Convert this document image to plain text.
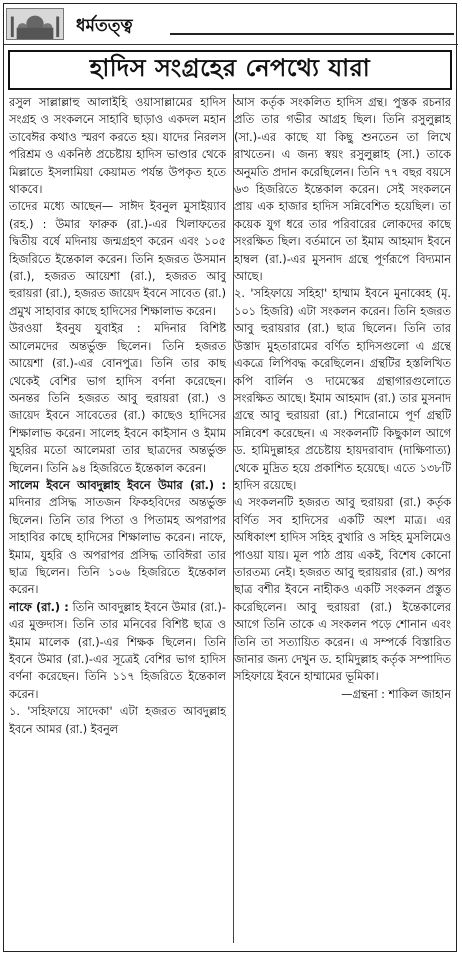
ধর্মতত্ত্ব
হাদিস সংগ্রহের নেপথ্যে যারা

রসুল সাল্লাল্লাহু আলাইহি ওয়াসাল্লামের হাদিস সংগ্রহ ও সংকলনে সাহাবি ছাড়াও একদল মহান তাবেঈর কথাও স্মরণ করতে হয়। যাদের নিরলস পরিশ্রম ও একনিষ্ঠ প্রচেষ্টায় হাদিস ভাণ্ডার থেকে মিল্লাতে ইসলামিয়া কেয়ামত পর্যন্ত উপকৃত হতে থাকবে।

তাদের মধ্যে আছেন— সাঈদ ইবনুল মুসাইয়্যাব (রহ.) : উমার ফারুক (রা.)-এর খিলাফতের দ্বিতীয় বর্ষে মদিনায় জন্মগ্রহণ করেন এবং ১০৫ হিজরিতে ইন্তেকাল করেন। তিনি হজরত উসমান (রা.), হজরত আয়েশা (রা.), হজরত আবু হুরায়রা (রা.), হজরত জায়েদ ইবনে সাবেত (রা.) প্রমুখ সাহাবার কাছে হাদিসের শিক্ষালাভ করেন।

উরওয়া ইবনুয যুবাইর : মদিনার বিশিষ্ট আলেমদের অন্তর্ভুক্ত ছিলেন। তিনি হজরত আয়েশা (রা.)-এর বোনপুত্র। তিনি তার কাছ থেকেই বেশির ভাগ হাদিস বর্ণনা করেছেন। অনন্তর তিনি হজরত আবু হুরায়রা (রা.) ও জায়েদ ইবনে সাবেতের (রা.) কাছেও হাদিসের শিক্ষালাভ করেন। সালেহ ইবনে কাইসান ও ইমাম যুহরির মতো আলেমরা তার ছাত্রদের অন্তর্ভুক্ত ছিলেন। তিনি ৯৪ হিজরিতে ইন্তেকাল করেন।

সালেম ইবনে আবদুল্লাহ ইবনে উমার (রা.) : মদিনার প্রসিদ্ধ সাতজন ফিকহবিদের অন্তর্ভুক্ত ছিলেন। তিনি তার পিতা ও পিতামহ অপরাপর সাহাবির কাছে হাদিসের শিক্ষালাভ করেন। নাফে, ইমাম, যুহরি ও অপরাপর প্রসিদ্ধ তাবিঈরা তার ছাত্র ছিলেন। তিনি ১০৬ হিজরিতে ইন্তেকাল করেন।

নাফে (রা.) : তিনি আবদুল্লাহ ইবনে উমার (রা.)-এর মুক্তদাস। তিনি তার মনিবের বিশিষ্ট ছাত্র ও ইমাম মালেক (রা.)-এর শিক্ষক ছিলেন। তিনি ইবনে উমার (রা.)-এর সূত্রেই বেশির ভাগ হাদিস বর্ণনা করেছেন। তিনি ১১৭ হিজরিতে ইন্তেকাল করেন।

১. 'সহিফায়ে সাদেকা' এটা হজরত আবদুল্লাহ ইবনে আমর (রা.) ইবনুল

আস কর্তৃক সংকলিত হাদিস গ্রন্থ। পুস্তক রচনার প্রতি তার গভীর আগ্রহ ছিল। তিনি রসুলুল্লাহ (সা.)-এর কাছে যা কিছু শুনতেন তা লিখে রাখতেন। এ জন্য স্বয়ং রসুলুল্লাহ (সা.) তাকে অনুমতি প্রদান করেছিলেন। তিনি ৭৭ বছর বয়সে ৬৩ হিজরিতে ইন্তেকাল করেন। সেই সংকলনে প্রায় এক হাজার হাদিস সন্নিবেশিত হয়েছিল। তা কয়েক যুগ ধরে তার পরিবারের লোকদের কাছে সংরক্ষিত ছিল। বর্তমানে তা ইমাম আহমাদ ইবনে হাম্বল (রা.)-এর মুসনাদ গ্রন্থে পূর্ণরূপে বিদ্যমান আছে।

২. 'সহিফায়ে সহিহা' হাম্মাম ইবনে মুনাব্বেহ (মৃ. ১০১ হিজরি) এটা সংকলন করেন। তিনি হজরত আবু হুরায়রার (রা.) ছাত্র ছিলেন। তিনি তার উস্তাদ মুহতারামের বর্ণিত হাদিসগুলো এ গ্রন্থে একত্রে লিপিবদ্ধ করেছিলেন। গ্রন্থটির হস্তলিখিত কপি বার্লিন ও দামেস্কের গ্রন্থাগারগুলোতে সংরক্ষিত আছে। ইমাম আহমাদ (রা.) তার মুসনাদ গ্রন্থে আবু হুরায়রা (রা.) শিরোনামে পূর্ণ গ্রন্থটি সন্নিবেশ করেছেন। এ সংকলনটি কিছুকাল আগে ড. হামিদুল্লাহর প্রচেষ্টায় হায়দরাবাদ (দাক্ষিণাত্য) থেকে মুদ্রিত হয়ে প্রকাশিত হয়েছে। এতে ১৩৮টি হাদিস রয়েছে।

এ সংকলনটি হজরত আবু হুরায়রা (রা.) কর্তৃক বর্ণিত সব হাদিসের একটি অংশ মাত্র। এর অধিকাংশ হাদিস সহিহ বুখারি ও সহিহ মুসলিমেও পাওয়া যায়। মূল পাঠ প্রায় একই, বিশেষ কোনো তারতম্য নেই। হজরত আবু হুরায়রার (রা.) অপর ছাত্র বশীর ইবনে নাহীকও একটি সংকলন প্রস্তুত করেছিলেন। আবু হুরায়রা (রা.) ইন্তেকালের আগে তিনি তাকে এ সংকলন পড়ে শোনান এবং তিনি তা সত্যায়িত করেন। এ সম্পর্কে বিস্তারিত জানার জন্য দেখুন ড. হামিদুল্লাহ কর্তৃক সম্পাদিত সহিফায়ে ইবনে হাম্মামের ভূমিকা।

—গ্রন্থনা : শাকিল জাহান
